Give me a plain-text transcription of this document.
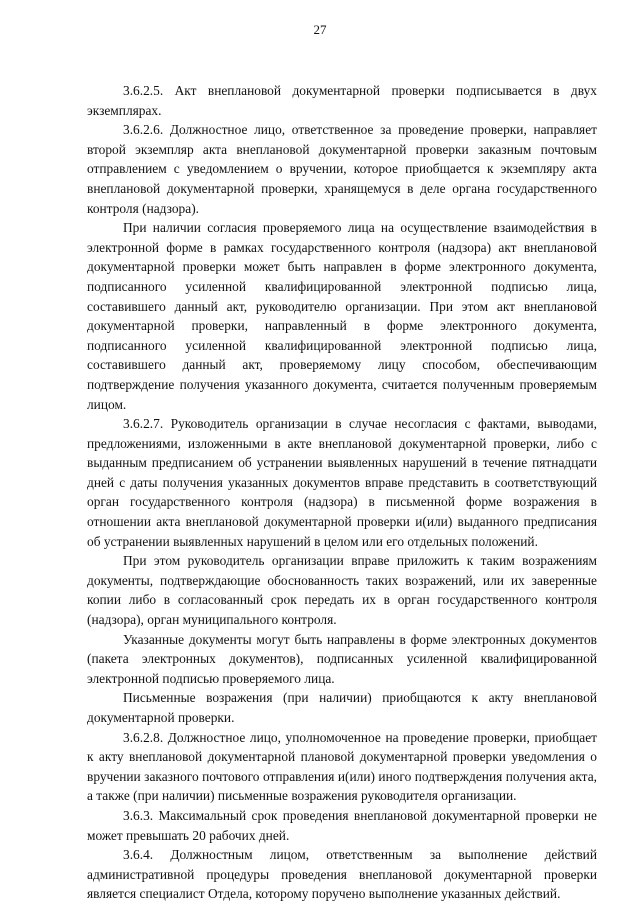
27

3.6.2.5. Акт внеплановой документарной проверки подписывается в двух экземплярах.

3.6.2.6. Должностное лицо, ответственное за проведение проверки, направляет второй экземпляр акта внеплановой документарной проверки заказным почтовым отправлением с уведомлением о вручении, которое приобщается к экземпляру акта внеплановой документарной проверки, хранящемуся в деле органа государственного контроля (надзора).

При наличии согласия проверяемого лица на осуществление взаимодействия в электронной форме в рамках государственного контроля (надзора) акт внеплановой документарной проверки может быть направлен в форме электронного документа, подписанного усиленной квалифицированной электронной подписью лица, составившего данный акт, руководителю организации. При этом акт внеплановой документарной проверки, направленный в форме электронного документа, подписанного усиленной квалифицированной электронной подписью лица, составившего данный акт, проверяемому лицу способом, обеспечивающим подтверждение получения указанного документа, считается полученным проверяемым лицом.

3.6.2.7. Руководитель организации в случае несогласия с фактами, выводами, предложениями, изложенными в акте внеплановой документарной проверки, либо с выданным предписанием об устранении выявленных нарушений в течение пятнадцати дней с даты получения указанных документов вправе представить в соответствующий орган государственного контроля (надзора) в письменной форме возражения в отношении акта внеплановой документарной проверки и(или) выданного предписания об устранении выявленных нарушений в целом или его отдельных положений.

При этом руководитель организации вправе приложить к таким возражениям документы, подтверждающие обоснованность таких возражений, или их заверенные копии либо в согласованный срок передать их в орган государственного контроля (надзора), орган муниципального контроля.

Указанные документы могут быть направлены в форме электронных документов (пакета электронных документов), подписанных усиленной квалифицированной электронной подписью проверяемого лица.

Письменные возражения (при наличии) приобщаются к акту внеплановой документарной проверки.

3.6.2.8. Должностное лицо, уполномоченное на проведение проверки, приобщает к акту внеплановой документарной плановой документарной проверки уведомления о вручении заказного почтового отправления и(или) иного подтверждения получения акта, а также (при наличии) письменные возражения руководителя организации.

3.6.3. Максимальный срок проведения внеплановой документарной проверки не может превышать 20 рабочих дней.

3.6.4. Должностным лицом, ответственным за выполнение действий административной процедуры проведения внеплановой документарной проверки является специалист Отдела, которому поручено выполнение указанных действий.
